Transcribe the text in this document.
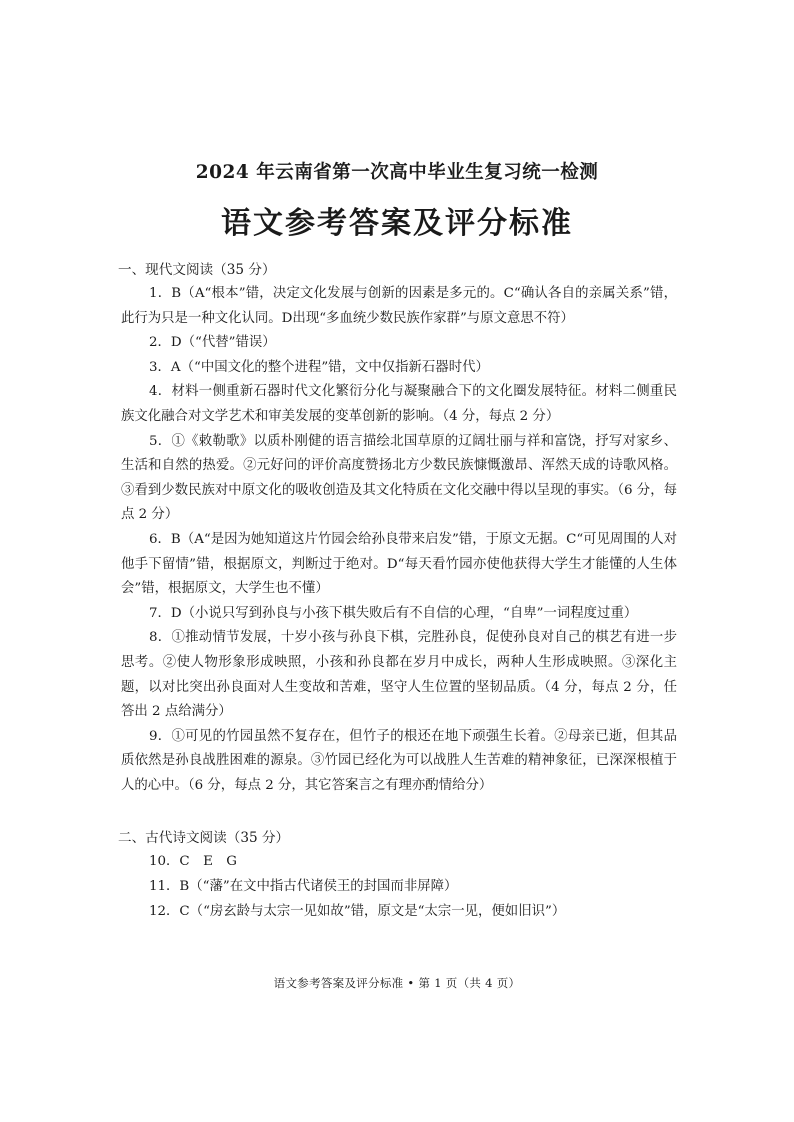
2024 年云南省第一次高中毕业生复习统一检测
语文参考答案及评分标准
一、现代文阅读（35 分）
1．B（A“根本”错，决定文化发展与创新的因素是多元的。C“确认各自的亲属关系”错，此行为只是一种文化认同。D出现“多血统少数民族作家群”与原文意思不符）
2．D（“代替”错误）
3．A（“中国文化的整个进程”错，文中仅指新石器时代）
4．材料一侧重新石器时代文化繁衍分化与凝聚融合下的文化圈发展特征。材料二侧重民族文化融合对文学艺术和审美发展的变革创新的影响。（4 分，每点 2 分）
5．①《敕勒歌》以质朴刚健的语言描绘北国草原的辽阔壮丽与祥和富饶，抒写对家乡、生活和自然的热爱。②元好问的评价高度赞扬北方少数民族慷慨激昂、浑然天成的诗歌风格。③看到少数民族对中原文化的吸收创造及其文化特质在文化交融中得以呈现的事实。（6 分，每点 2 分）
6．B（A“是因为她知道这片竹园会给孙良带来启发”错，于原文无据。C“可见周围的人对他手下留情”错，根据原文，判断过于绝对。D“每天看竹园亦使他获得大学生才能懂的人生体会”错，根据原文，大学生也不懂）
7．D（小说只写到孙良与小孩下棋失败后有不自信的心理，“自卑”一词程度过重）
8．①推动情节发展，十岁小孩与孙良下棋，完胜孙良，促使孙良对自己的棋艺有进一步思考。②使人物形象形成映照，小孩和孙良都在岁月中成长，两种人生形成映照。③深化主题，以对比突出孙良面对人生变故和苦难，坚守人生位置的坚韧品质。（4 分，每点 2 分，任答出 2 点给满分）
9．①可见的竹园虽然不复存在，但竹子的根还在地下顽强生长着。②母亲已逝，但其品质依然是孙良战胜困难的源泉。③竹园已经化为可以战胜人生苦难的精神象征，已深深根植于人的心中。（6 分，每点 2 分，其它答案言之有理亦酌情给分）
二、古代诗文阅读（35 分）
10．C　E　G
11．B（“藩”在文中指古代诸侯王的封国而非屏障）
12．C（“房玄龄与太宗一见如故”错，原文是“太宗一见，便如旧识”）
语文参考答案及评分标准 • 第 1 页（共 4 页）
